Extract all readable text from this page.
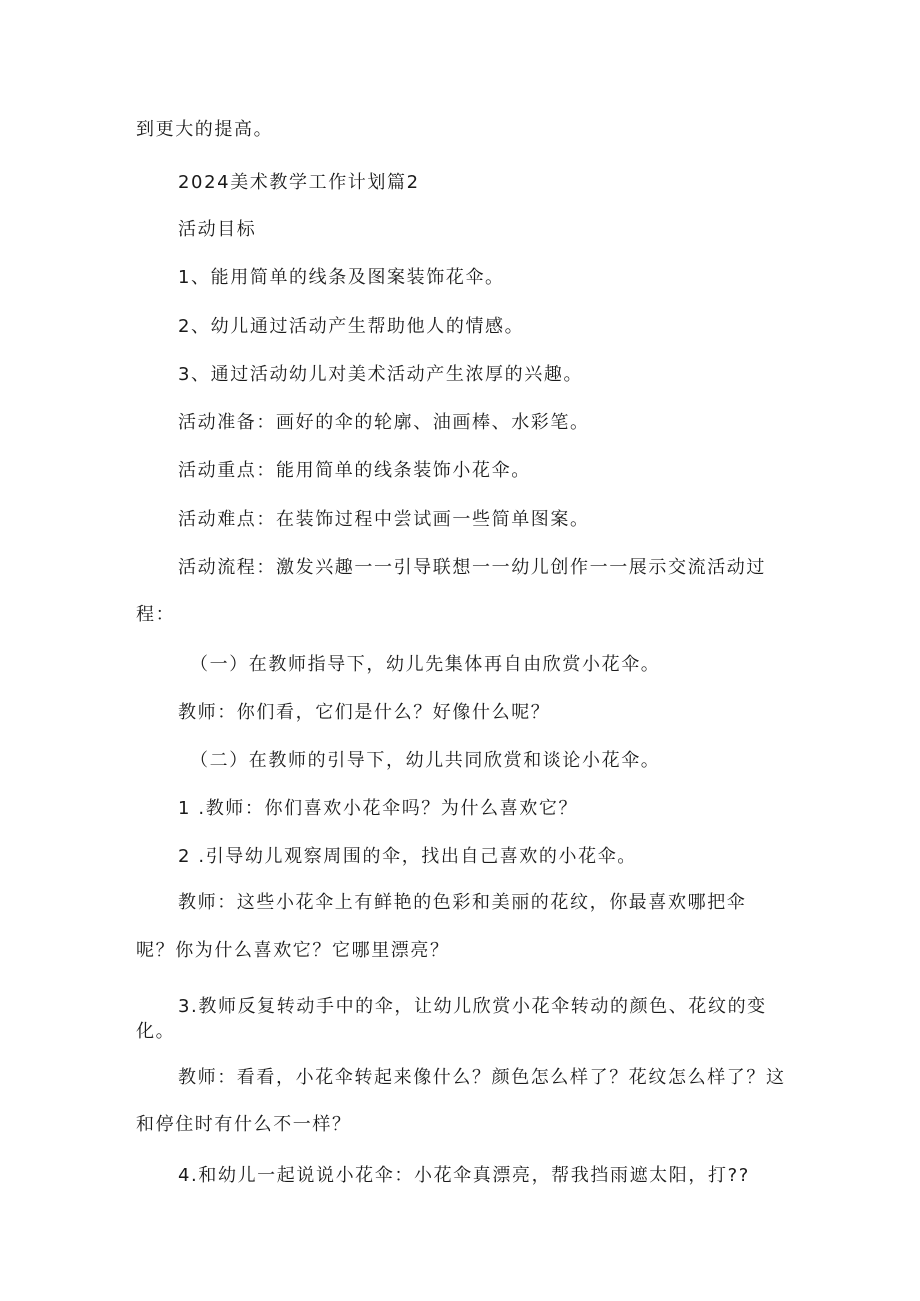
到更大的提高。
2024美术教学工作计划篇2
活动目标
1、能用简单的线条及图案装饰花伞。
2、幼儿通过活动产生帮助他人的情感。
3、通过活动幼儿对美术活动产生浓厚的兴趣。
活动准备：画好的伞的轮廓、油画棒、水彩笔。
活动重点：能用简单的线条装饰小花伞。
活动难点：在装饰过程中尝试画一些简单图案。
活动流程：激发兴趣一一引导联想一一幼儿创作一一展示交流活动过
程：
（一）在教师指导下，幼儿先集体再自由欣赏小花伞。
教师：你们看，它们是什么？好像什么呢？
（二）在教师的引导下，幼儿共同欣赏和谈论小花伞。
1 .教师：你们喜欢小花伞吗？为什么喜欢它？
2 .引导幼儿观察周围的伞，找出自己喜欢的小花伞。
教师：这些小花伞上有鲜艳的色彩和美丽的花纹，你最喜欢哪把伞
呢？你为什么喜欢它？它哪里漂亮？
3.教师反复转动手中的伞，让幼儿欣赏小花伞转动的颜色、花纹的变
化。
教师：看看，小花伞转起来像什么？颜色怎么样了？花纹怎么样了？这
和停住时有什么不一样？
4.和幼儿一起说说小花伞：小花伞真漂亮，帮我挡雨遮太阳，打??
